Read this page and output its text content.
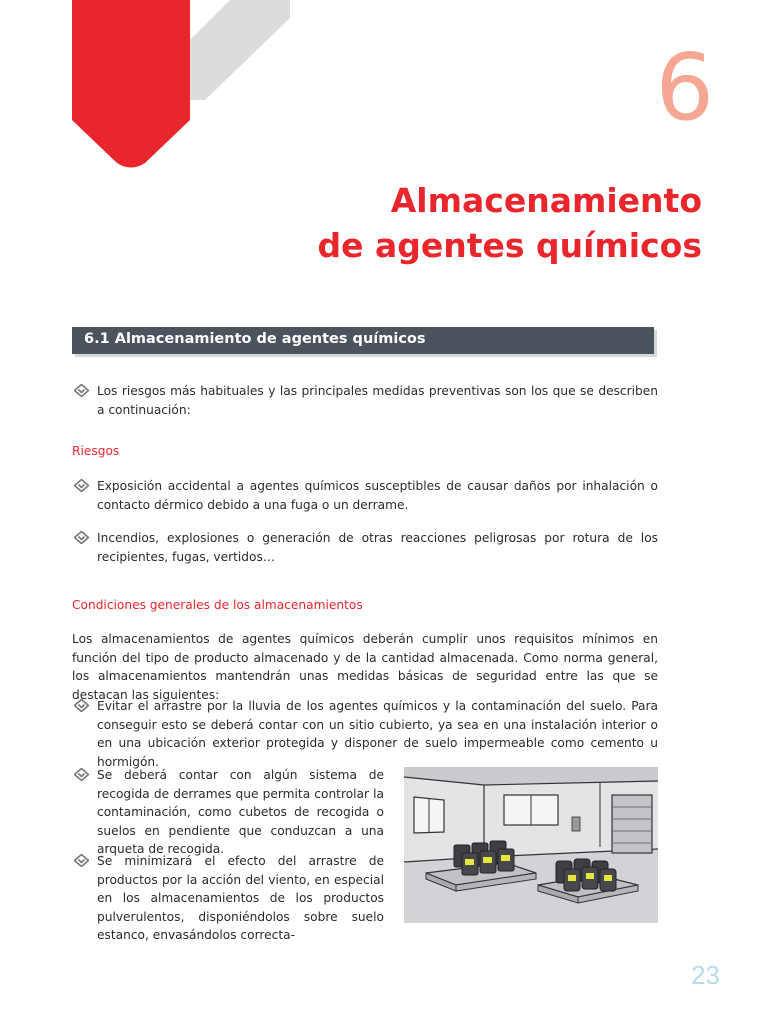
6
Almacenamiento
de agentes químicos
6.1 Almacenamiento de agentes químicos
Los riesgos más habituales y las principales medidas preventivas son los que se describen a continuación:
Riesgos
Exposición accidental a agentes químicos susceptibles de causar daños por inhalación o contacto dérmico debido a una fuga o un derrame.
Incendios, explosiones o generación de otras reacciones peligrosas por rotura de los recipientes, fugas, vertidos…
Condiciones generales de los almacenamientos
Los almacenamientos de agentes químicos deberán cumplir unos requisitos mínimos en función del tipo de producto almacenado y de la cantidad almacenada. Como norma general, los almacenamientos mantendrán unas medidas básicas de seguridad entre las que se destacan las siguientes:
Evitar el arrastre por la lluvia de los agentes químicos y la contaminación del suelo. Para conseguir esto se deberá contar con un sitio cubierto, ya sea en una instalación interior o en una ubicación exterior protegida y disponer de suelo impermeable como cemento u hormigón.
Se deberá contar con algún sistema de recogida de derrames que permita controlar la contaminación, como cubetos de recogida o suelos en pendiente que conduzcan a una arqueta de recogida.
Se minimizará el efecto del arrastre de productos por la acción del viento, en especial en los almacenamientos de los productos pulverulentos, disponiéndolos sobre suelo estanco, envasándolos correcta-
23
